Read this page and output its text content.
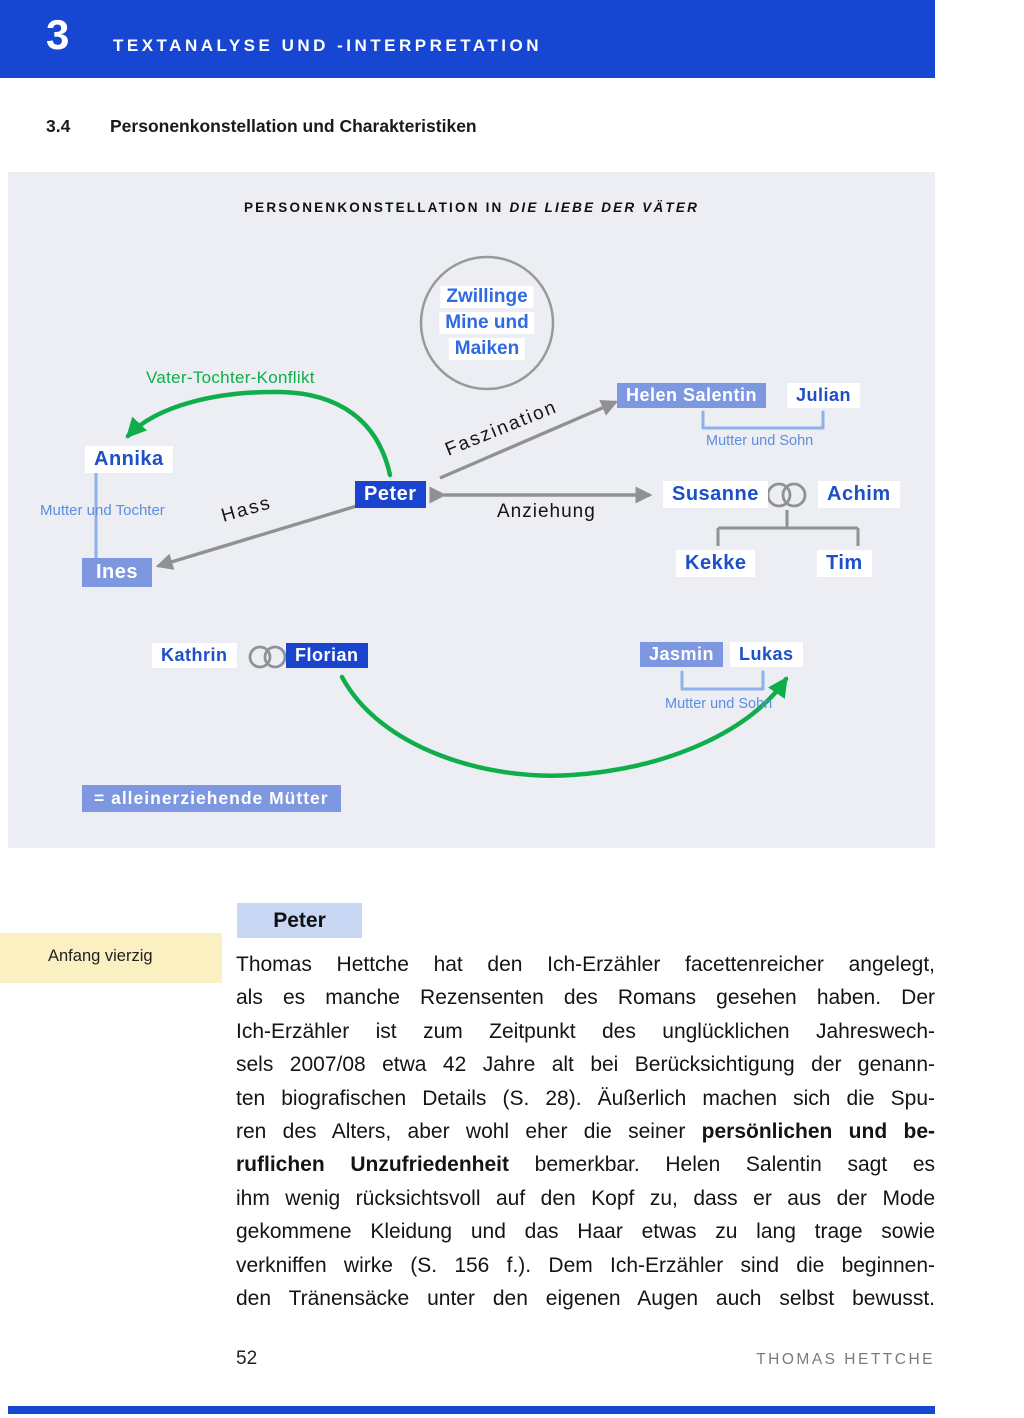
3	TEXTANALYSE UND -INTERPRETATION
3.4 Personenkonstellation und Charakteristiken
PERSONENKONSTELLATION IN DIE LIEBE DER VÄTER
Zwillinge
Mine und
Maiken
Vater-Tochter-Konflikt
Faszination
Anziehung
Hass
Mutter und Tochter
Mutter und Sohn
Mutter und Sohn
Annika
Ines
Peter
Helen Salentin	Julian
Susanne	Achim
Kekke	Tim
Kathrin	Florian	Jasmin	Lukas
= alleinerziehende Mütter
Peter
Anfang vierzig	Thomas Hettche hat den Ich-Erzähler facettenreicher angelegt,
als es manche Rezensenten des Romans gesehen haben. Der
Ich-Erzähler ist zum Zeitpunkt des unglücklichen Jahreswech-
sels 2007/08 etwa 42 Jahre alt bei Berücksichtigung der genann-
ten biografischen Details (S. 28). Äußerlich machen sich die Spu-
ren des Alters, aber wohl eher die seiner persönlichen und be-
ruflichen Unzufriedenheit bemerkbar. Helen Salentin sagt es
ihm wenig rücksichtsvoll auf den Kopf zu, dass er aus der Mode
gekommene Kleidung und das Haar etwas zu lang trage sowie
verkniffen wirke (S. 156 f.). Dem Ich-Erzähler sind die beginnen-
den Tränensäcke unter den eigenen Augen auch selbst bewusst.
52	THOMAS HETTCHE
